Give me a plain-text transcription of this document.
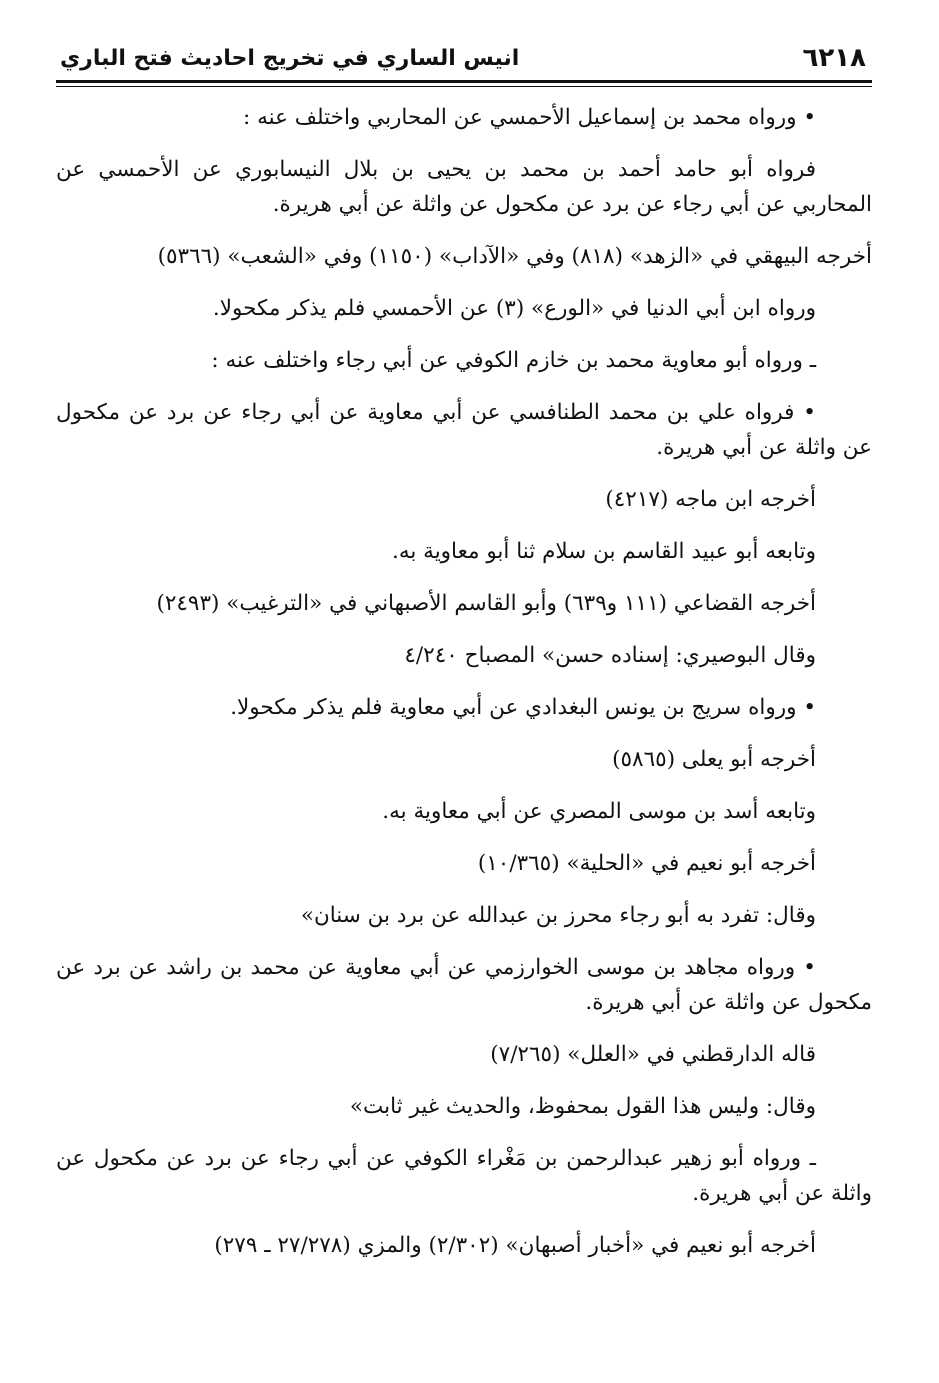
٦٢١٨
انيس الساري في تخريج احاديث فتح الباري

• ورواه محمد بن إسماعيل الأحمسي عن المحاربي واختلف عنه :

فرواه أبو حامد أحمد بن محمد بن يحيى بن بلال النيسابوري عن الأحمسي عن المحاربي عن أبي رجاء عن برد عن مكحول عن واثلة عن أبي هريرة.

أخرجه البيهقي في «الزهد» (٨١٨) وفي «الآداب» (١١٥٠) وفي «الشعب» (٥٣٦٦)

ورواه ابن أبي الدنيا في «الورع» (٣) عن الأحمسي فلم يذكر مكحولا.

ـ ورواه أبو معاوية محمد بن خازم الكوفي عن أبي رجاء واختلف عنه :

• فرواه علي بن محمد الطنافسي عن أبي معاوية عن أبي رجاء عن برد عن مكحول عن واثلة عن أبي هريرة.

أخرجه ابن ماجه (٤٢١٧)

وتابعه أبو عبيد القاسم بن سلام ثنا أبو معاوية به.

أخرجه القضاعي (١١١ و٦٣٩) وأبو القاسم الأصبهاني في «الترغيب» (٢٤٩٣)

وقال البوصيري: إسناده حسن» المصباح ٤/٢٤٠

• ورواه سريج بن يونس البغدادي عن أبي معاوية فلم يذكر مكحولا.

أخرجه أبو يعلى (٥٨٦٥)

وتابعه أسد بن موسى المصري عن أبي معاوية به.

أخرجه أبو نعيم في «الحلية» (١٠/٣٦٥)

وقال: تفرد به أبو رجاء محرز بن عبدالله عن برد بن سنان»

• ورواه مجاهد بن موسى الخوارزمي عن أبي معاوية عن محمد بن راشد عن برد عن مكحول عن واثلة عن أبي هريرة.

قاله الدارقطني في «العلل» (٧/٢٦٥)

وقال: وليس هذا القول بمحفوظ، والحديث غير ثابت»

ـ ورواه أبو زهير عبدالرحمن بن مَغْراء الكوفي عن أبي رجاء عن برد عن مكحول عن واثلة عن أبي هريرة.

أخرجه أبو نعيم في «أخبار أصبهان» (٢/٣٠٢) والمزي (٢٧/٢٧٨ ـ ٢٧٩)
